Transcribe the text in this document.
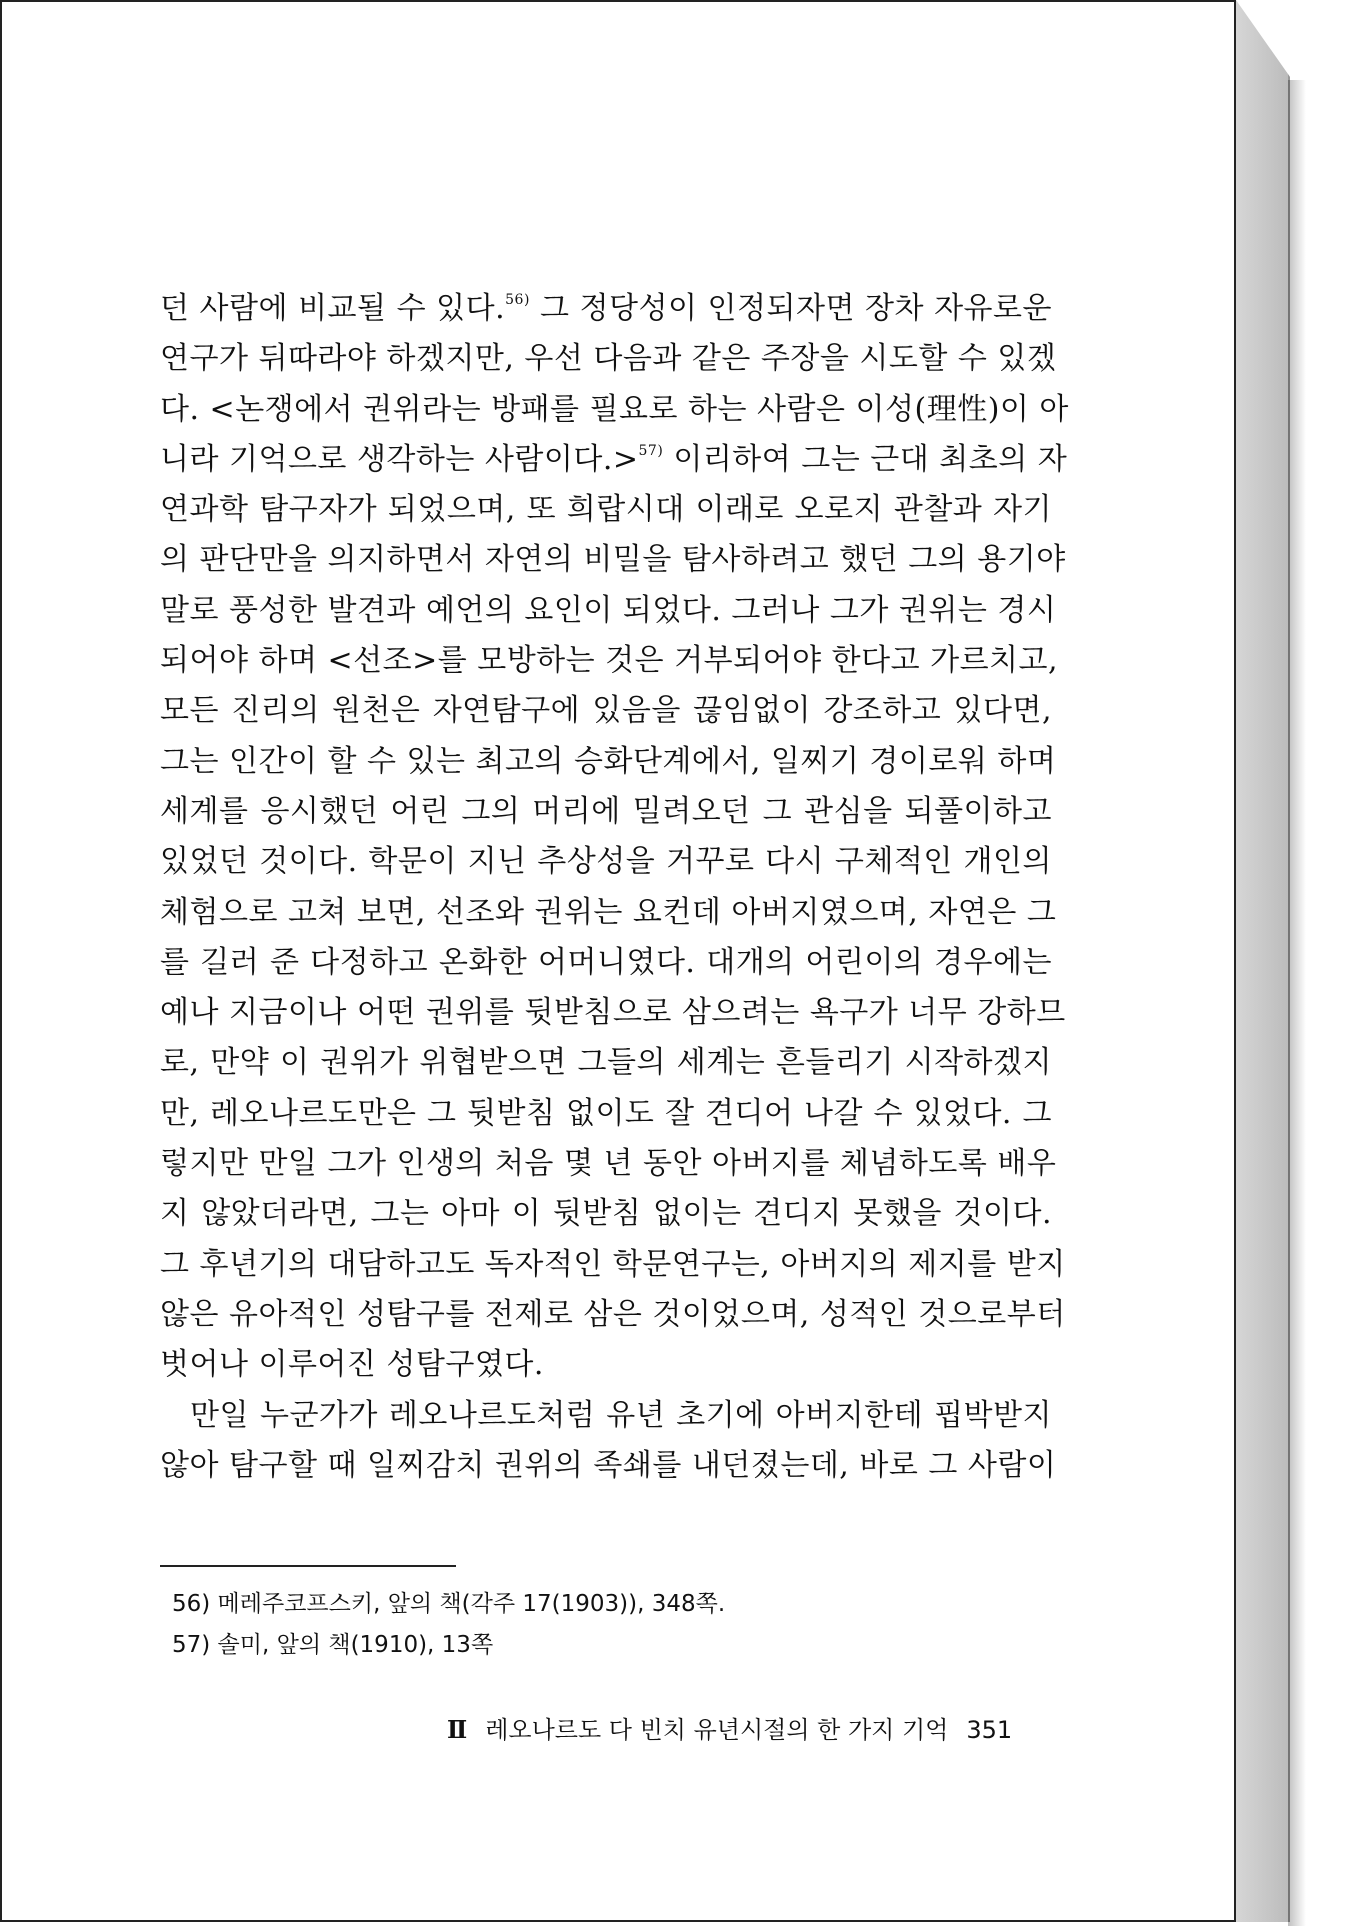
던 사람에 비교될 수 있다.$^{56)}$ 그 정당성이 인정되자면 장차 자유로운
연구가 뒤따라야 하겠지만, 우선 다음과 같은 주장을 시도할 수 있겠
다. <논쟁에서 권위라는 방패를 필요로 하는 사람은 이성(理性)이 아
니라 기억으로 생각하는 사람이다.>$^{57)}$ 이리하여 그는 근대 최초의 자
연과학 탐구자가 되었으며, 또 희랍시대 이래로 오로지 관찰과 자기
의 판단만을 의지하면서 자연의 비밀을 탐사하려고 했던 그의 용기야
말로 풍성한 발견과 예언의 요인이 되었다. 그러나 그가 권위는 경시
되어야 하며 <선조>를 모방하는 것은 거부되어야 한다고 가르치고,
모든 진리의 원천은 자연탐구에 있음을 끊임없이 강조하고 있다면,
그는 인간이 할 수 있는 최고의 승화단계에서, 일찌기 경이로워 하며
세계를 응시했던 어린 그의 머리에 밀려오던 그 관심을 되풀이하고
있었던 것이다. 학문이 지닌 추상성을 거꾸로 다시 구체적인 개인의
체험으로 고쳐 보면, 선조와 권위는 요컨데 아버지였으며, 자연은 그
를 길러 준 다정하고 온화한 어머니였다. 대개의 어린이의 경우에는
예나 지금이나 어떤 권위를 뒷받침으로 삼으려는 욕구가 너무 강하므
로, 만약 이 권위가 위협받으면 그들의 세계는 흔들리기 시작하겠지
만, 레오나르도만은 그 뒷받침 없이도 잘 견디어 나갈 수 있었다. 그
렇지만 만일 그가 인생의 처음 몇 년 동안 아버지를 체념하도록 배우
지 않았더라면, 그는 아마 이 뒷받침 없이는 견디지 못했을 것이다.
그 후년기의 대담하고도 독자적인 학문연구는, 아버지의 제지를 받지
않은 유아적인 성탐구를 전제로 삼은 것이었으며, 성적인 것으로부터
벗어나 이루어진 성탐구였다.
만일 누군가가 레오나르도처럼 유년 초기에 아버지한테 핍박받지
않아 탐구할 때 일찌감치 권위의 족쇄를 내던졌는데, 바로 그 사람이
56) 메레주코프스키, 앞의 책(각주 17(1903)), 348쪽.
57) 솔미, 앞의 책(1910), 13쪽
Ⅱ 레오나르도 다 빈치 유년시절의 한 가지 기억 351
